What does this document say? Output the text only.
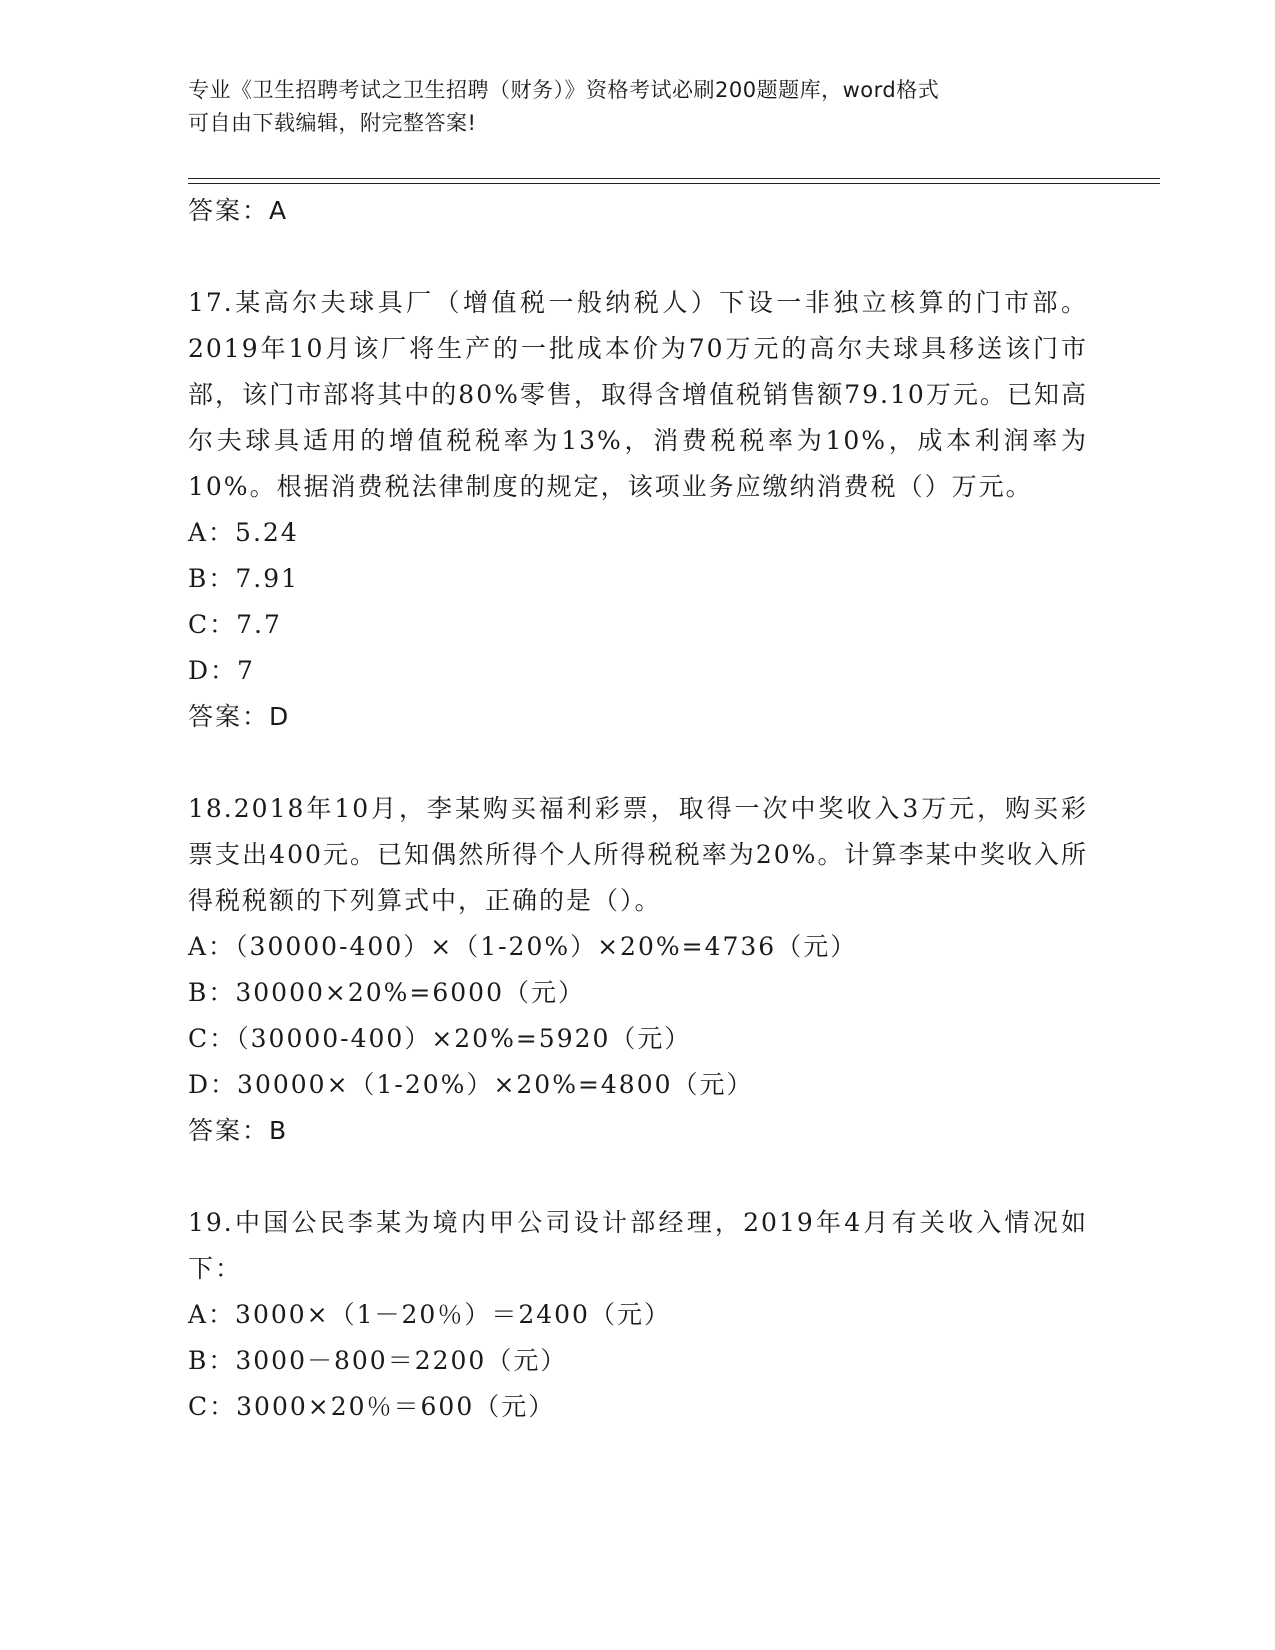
专业《卫生招聘考试之卫生招聘（财务）》资格考试必刷200题题库，word格式
可自由下载编辑，附完整答案!
答案：A

17.某高尔夫球具厂（增值税一般纳税人）下设一非独立核算的门市部。2019年10月该厂将生产的一批成本价为70万元的高尔夫球具移送该门市部，该门市部将其中的80%零售，取得含增值税销售额79.10万元。已知高尔夫球具适用的增值税税率为13%，消费税税率为10%，成本利润率为10%。根据消费税法律制度的规定，该项业务应缴纳消费税（）万元。

A：5.24

B：7.91

C：7.7

D：7

答案：D

18.2018年10月，李某购买福利彩票，取得一次中奖收入3万元，购买彩票支出400元。已知偶然所得个人所得税税率为20%。计算李某中奖收入所得税税额的下列算式中，正确的是（）。

A：（30000-400）×（1-20%）×20%=4736（元）

B：30000×20%=6000（元）

C：（30000-400）×20%=5920（元）

D：30000×（1-20%）×20%=4800（元）

答案：B

19.中国公民李某为境内甲公司设计部经理，2019年4月有关收入情况如下：

A：3000×（1－20％）＝2400（元）

B：3000－800＝2200（元）

C：3000×20％＝600（元）
